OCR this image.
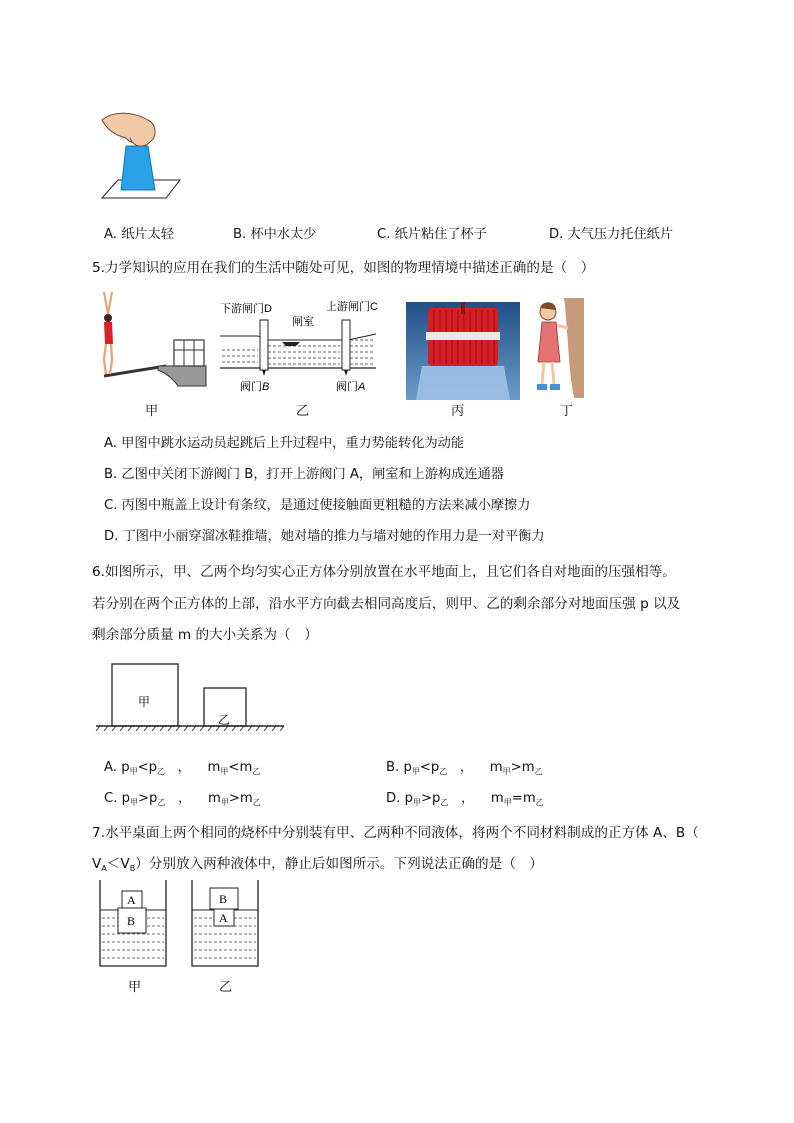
A. 纸片太轻	B. 杯中水太少	C. 纸片粘住了杯子	D. 大气压力托住纸片
5.力学知识的应用在我们的生活中随处可见，如图的物理情境中描述正确的是（　）
下游闸门D	上游闸门C
闸室
阀门B	阀门A
甲	乙	丙	丁
A. 甲图中跳水运动员起跳后上升过程中，重力势能转化为动能
B. 乙图中关闭下游阀门 B，打开上游阀门 A，闸室和上游构成连通器
C. 丙图中瓶盖上设计有条纹，是通过使接触面更粗糙的方法来减小摩擦力
D. 丁图中小丽穿溜冰鞋推墙，她对墙的推力与墙对她的作用力是一对平衡力
6.如图所示，甲、乙两个均匀实心正方体分别放置在水平地面上，且它们各自对地面的压强相等。
若分别在两个正方体的上部，沿水平方向截去相同高度后，则甲、乙的剩余部分对地面压强 p 以及
剩余部分质量 m 的大小关系为（　）
甲
乙
A. $p_甲<p_乙$ ， $m_甲<m_乙$	B. $p_甲<p_乙$ ， $m_甲>m_乙$
C. $p_甲>p_乙$ ， $m_甲>m_乙$	D. $p_甲>p_乙$ ， $m_甲=m_乙$
7.水平桌面上两个相同的烧杯中分别装有甲、乙两种不同液体，将两个不同材料制成的正方体 A、B（
$V_A<V_B$）分别放入两种液体中，静止后如图所示。下列说法正确的是（　）
A
B
B
A
甲	乙
